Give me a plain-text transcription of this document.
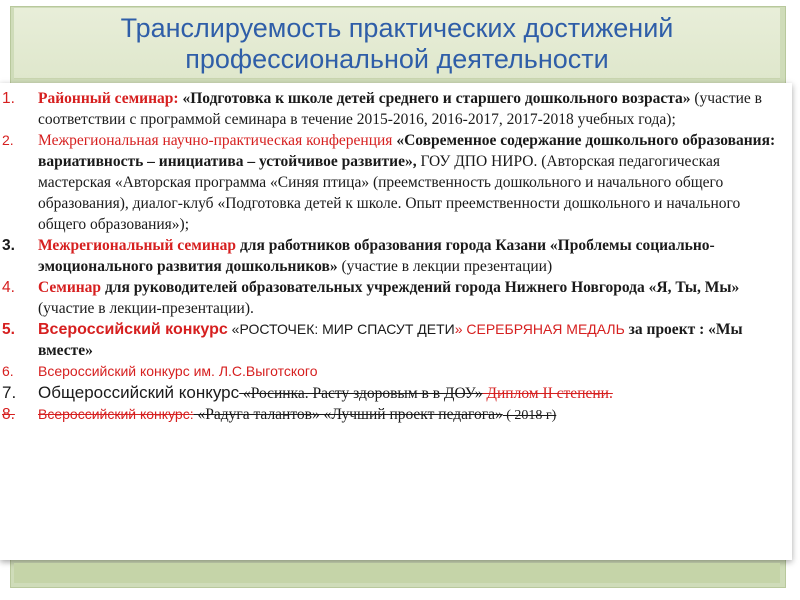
Транслируемость практических достижений
профессиональной деятельности
1. Районный семинар: «Подготовка к школе детей среднего и старшего дошкольного возраста» (участие в соответствии с программой семинара в течение 2015-2016, 2016-2017, 2017-2018 учебных года);
2. Межрегиональная научно-практическая конференция «Современное содержание дошкольного образования: вариативность – инициатива – устойчивое развитие», ГОУ ДПО НИРО. (Авторская педагогическая мастерская «Авторская программа «Синяя птица» (преемственность дошкольного и начального общего образования), диалог-клуб «Подготовка детей к школе. Опыт преемственности дошкольного и начального общего образования»);
3. Межрегиональный семинар для работников образования города Казани «Проблемы социально- эмоционального развития дошкольников» (участие в лекции презентации)
4. Семинар для руководителей образовательных учреждений города Нижнего Новгорода «Я, Ты, Мы» (участие в лекции-презентации).
5. Всероссийский конкурс «РОСТОЧЕК: МИР СПАСУТ ДЕТИ» СЕРЕБРЯНАЯ МЕДАЛЬ за проект : «Мы вместе»
6. Всероссийский конкурс им. Л.С.Выготского
7. Общероссийский конкурс «Росинка. Расту здоровым в в ДОУ» Диплом II степени.
8. Всероссийский конкурс: «Радуга талантов» «Лучший проект педагога» ( 2018 г)
